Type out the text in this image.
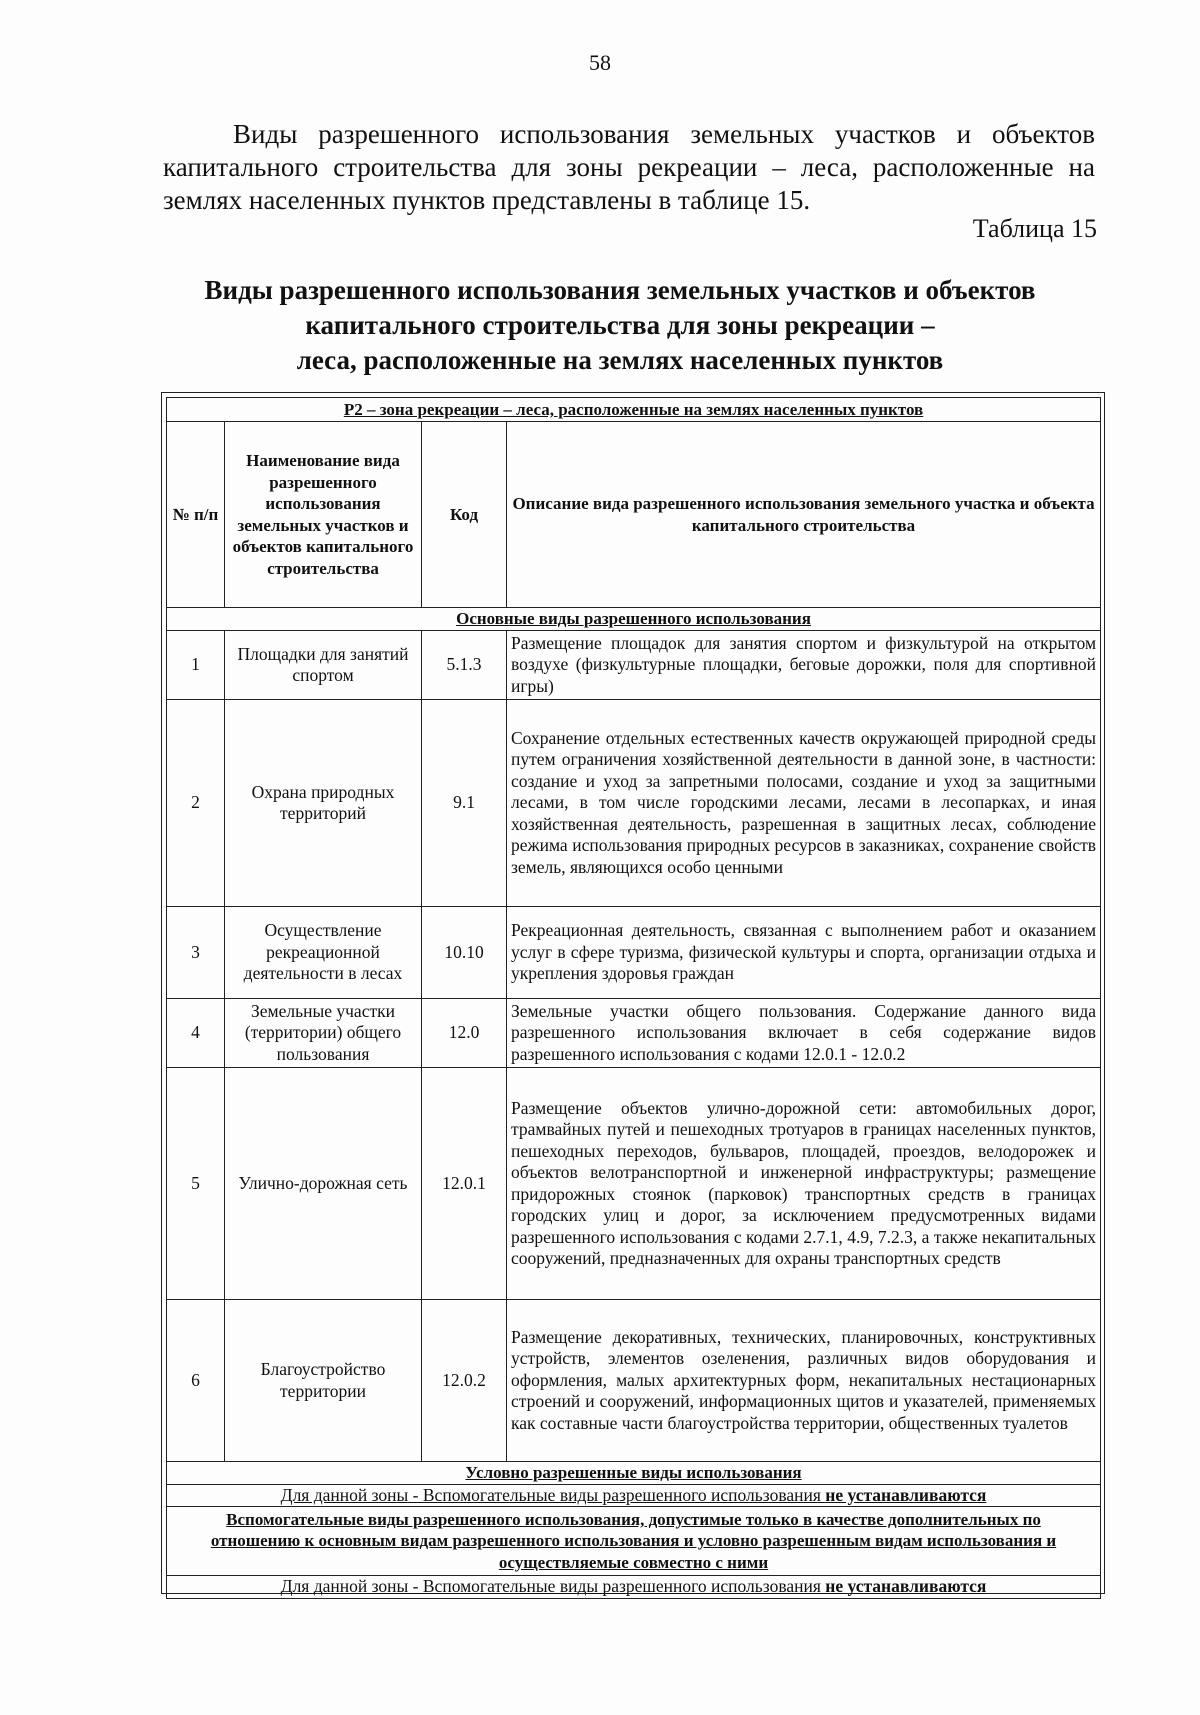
58

Виды разрешенного использования земельных участков и объектов капитального строительства для зоны рекреации – леса, расположенные на землях населенных пунктов представлены в таблице 15.

Таблица 15
Виды разрешенного использования земельных участков и объектов
капитального строительства для зоны рекреации –
леса, расположенные на землях населенных пунктов
Р2 – зона рекреации – леса, расположенные на землях населенных пунктов			
№ п/п	Наименование вида разрешенного использования земельных участков и объектов капитального строительства	Код	Описание вида разрешенного использования земельного участка и объекта капитального строительства
Основные виды разрешенного использования			
1	Площадки для занятий спортом	5.1.3	Размещение площадок для занятия спортом и физкультурой на открытом воздухе (физкультурные площадки, беговые дорожки, поля для спортивной игры)
2	Охрана природных территорий	9.1	Сохранение отдельных естественных качеств окружающей природной среды путем ограничения хозяйственной деятельности в данной зоне, в частности: создание и уход за запретными полосами, создание и уход за защитными лесами, в том числе городскими лесами, лесами в лесопарках, и иная хозяйственная деятельность, разрешенная в защитных лесах, соблюдение режима использования природных ресурсов в заказниках, сохранение свойств земель, являющихся особо ценными
3	Осуществление рекреационной деятельности в лесах	10.10	Рекреационная деятельность, связанная с выполнением работ и оказанием услуг в сфере туризма, физической культуры и спорта, организации отдыха и укрепления здоровья граждан
4	Земельные участки (территории) общего пользования	12.0	Земельные участки общего пользования. Содержание данного вида разрешенного использования включает в себя содержание видов разрешенного использования с кодами 12.0.1 - 12.0.2
5	Улично-дорожная сеть	12.0.1	Размещение объектов улично-дорожной сети: автомобильных дорог, трамвайных путей и пешеходных тротуаров в границах населенных пунктов, пешеходных переходов, бульваров, площадей, проездов, велодорожек и объектов велотранспортной и инженерной инфраструктуры; размещение придорожных стоянок (парковок) транспортных средств в границах городских улиц и дорог, за исключением предусмотренных видами разрешенного использования с кодами 2.7.1, 4.9, 7.2.3, а также некапитальных сооружений, предназначенных для охраны транспортных средств
6	Благоустройство территории	12.0.2	Размещение декоративных, технических, планировочных, конструктивных устройств, элементов озеленения, различных видов оборудования и оформления, малых архитектурных форм, некапитальных нестационарных строений и сооружений, информационных щитов и указателей, применяемых как составные части благоустройства территории, общественных туалетов
Условно разрешенные виды использования			
Для данной зоны - Вспомогательные виды разрешенного использования не устанавливаются			
Вспомогательные виды разрешенного использования, допустимые только в качестве дополнительных по отношению к основным видам разрешенного использования и условно разрешенным видам использования и осуществляемые совместно с ними			
Для данной зоны - Вспомогательные виды разрешенного использования не устанавливаются			
